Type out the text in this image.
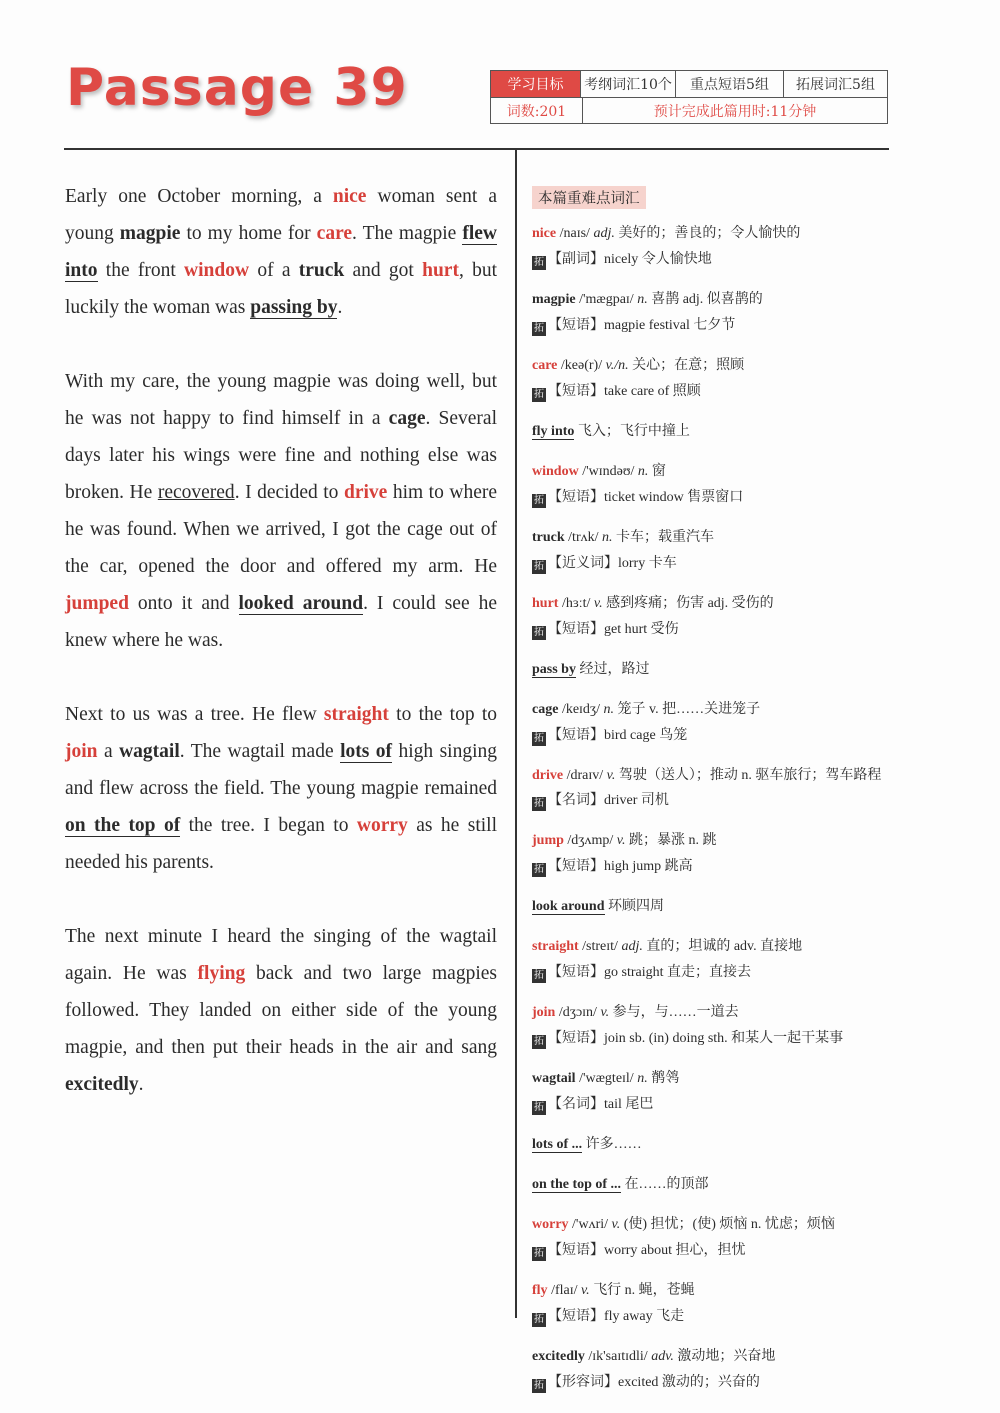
Passage 39	学习目标	考纲词汇10个	重点短语5组	拓展词汇5组
词数:201	预计完成此篇用时:11分钟

Early one October morning, a nice woman sent a young magpie to my home for care. The magpie flew into the front window of a truck and got hurt, but luckily the woman was passing by.

With my care, the young magpie was doing well, but he was not happy to find himself in a cage. Several days later his wings were fine and nothing else was broken. He recovered. I decided to drive him to where he was found. When we arrived, I got the cage out of the car, opened the door and offered my arm. He jumped onto it and looked around. I could see he knew where he was.

Next to us was a tree. He flew straight to the top to join a wagtail. The wagtail made lots of high singing and flew across the field. The young magpie remained on the top of the tree. I began to worry as he still needed his parents.

The next minute I heard the singing of the wagtail again. He was flying back and two large magpies followed. They landed on either side of the young magpie, and then put their heads in the air and sang excitedly.

本篇重难点词汇
nice /naɪs/ adj. 美好的；善良的；令人愉快的
拓 【副词】nicely 令人愉快地
magpie /'mægpaɪ/ n. 喜鹊 adj. 似喜鹊的
拓 【短语】magpie festival 七夕节
care /keə(r)/ v./n. 关心；在意；照顾
拓 【短语】take care of 照顾
fly into 飞入；飞行中撞上
window /'wɪndəʊ/ n. 窗
拓 【短语】ticket window 售票窗口
truck /trʌk/ n. 卡车；载重汽车
拓 【近义词】lorry 卡车
hurt /hɜːt/ v. 感到疼痛；伤害 adj. 受伤的
拓 【短语】get hurt 受伤
pass by 经过，路过
cage /keɪdʒ/ n. 笼子 v. 把……关进笼子
拓 【短语】bird cage 鸟笼
drive /draɪv/ v. 驾驶（送人）；推动 n. 驱车旅行；驾车路程
拓 【名词】driver 司机
jump /dʒʌmp/ v. 跳；暴涨 n. 跳
拓 【短语】high jump 跳高
look around 环顾四周
straight /streɪt/ adj. 直的；坦诚的 adv. 直接地
拓 【短语】go straight 直走；直接去
join /dʒɔɪn/ v. 参与，与……一道去
拓 【短语】join sb. (in) doing sth. 和某人一起干某事
wagtail /'wægteɪl/ n. 鹡鸰
拓 【名词】tail 尾巴
lots of ... 许多……
on the top of ... 在……的顶部
worry /'wʌri/ v. (使) 担忧；(使) 烦恼 n. 忧虑；烦恼
拓 【短语】worry about 担心，担忧
fly /flaɪ/ v. 飞行 n. 蝇，苍蝇
拓 【短语】fly away 飞走
excitedly /ɪk'saɪtɪdli/ adv. 激动地；兴奋地
拓 【形容词】excited 激动的；兴奋的
